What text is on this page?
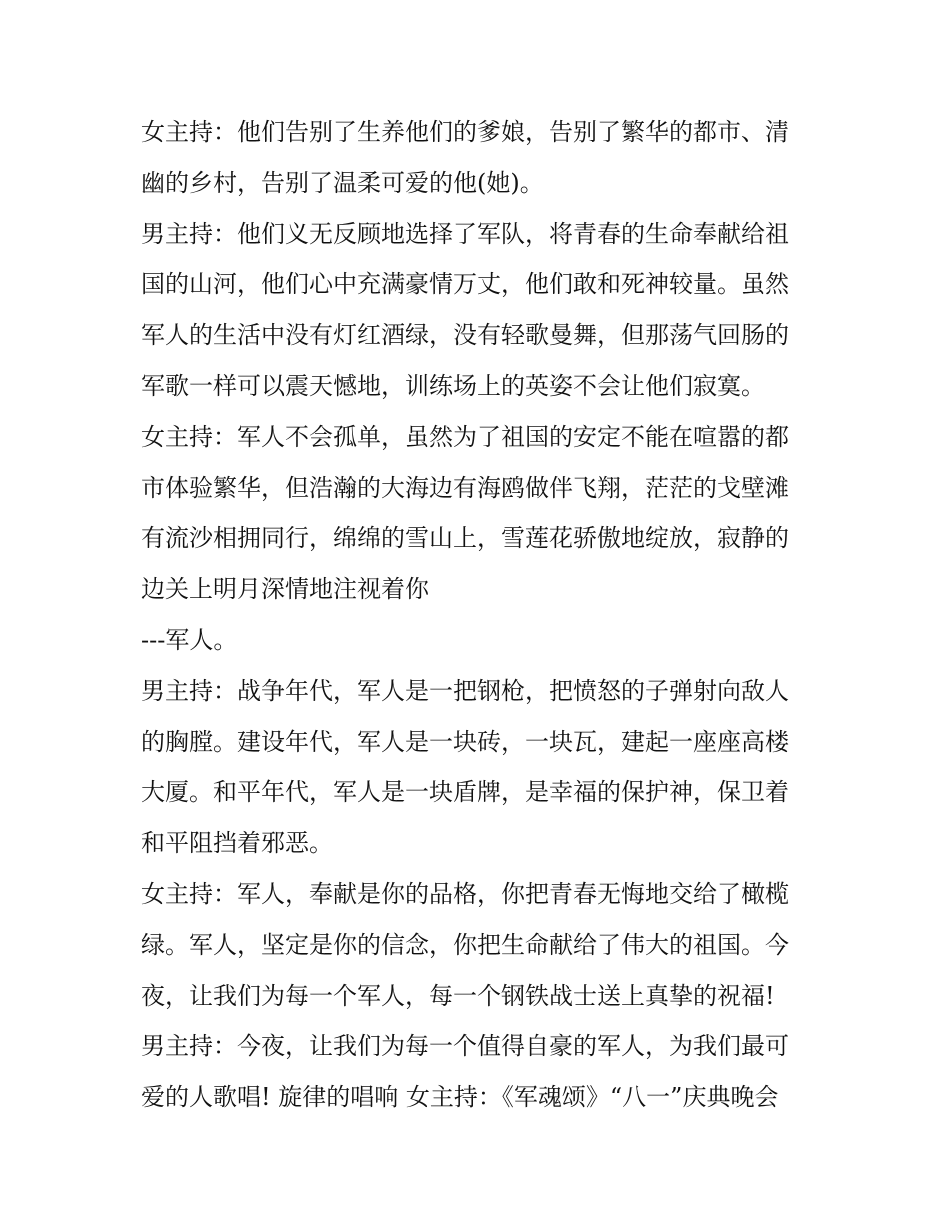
女主持：他们告别了生养他们的爹娘，告别了繁华的都市、清

幽的乡村，告别了温柔可爱的他(她)。

男主持：他们义无反顾地选择了军队，将青春的生命奉献给祖

国的山河，他们心中充满豪情万丈，他们敢和死神较量。虽然

军人的生活中没有灯红酒绿，没有轻歌曼舞，但那荡气回肠的

军歌一样可以震天憾地，训练场上的英姿不会让他们寂寞。

女主持：军人不会孤单，虽然为了祖国的安定不能在喧嚣的都

市体验繁华，但浩瀚的大海边有海鸥做伴飞翔，茫茫的戈壁滩

有流沙相拥同行，绵绵的雪山上，雪莲花骄傲地绽放，寂静的

边关上明月深情地注视着你

---军人。

男主持：战争年代，军人是一把钢枪，把愤怒的子弹射向敌人

的胸膛。建设年代，军人是一块砖，一块瓦，建起一座座高楼

大厦。和平年代，军人是一块盾牌，是幸福的保护神，保卫着

和平阻挡着邪恶。

女主持：军人，奉献是你的品格，你把青春无悔地交给了橄榄

绿。军人，坚定是你的信念，你把生命献给了伟大的祖国。今

夜，让我们为每一个军人，每一个钢铁战士送上真挚的祝福!

男主持：今夜，让我们为每一个值得自豪的军人，为我们最可

爱的人歌唱! 旋律的唱响 女主持：《军魂颂》“八一”庆典晚会
